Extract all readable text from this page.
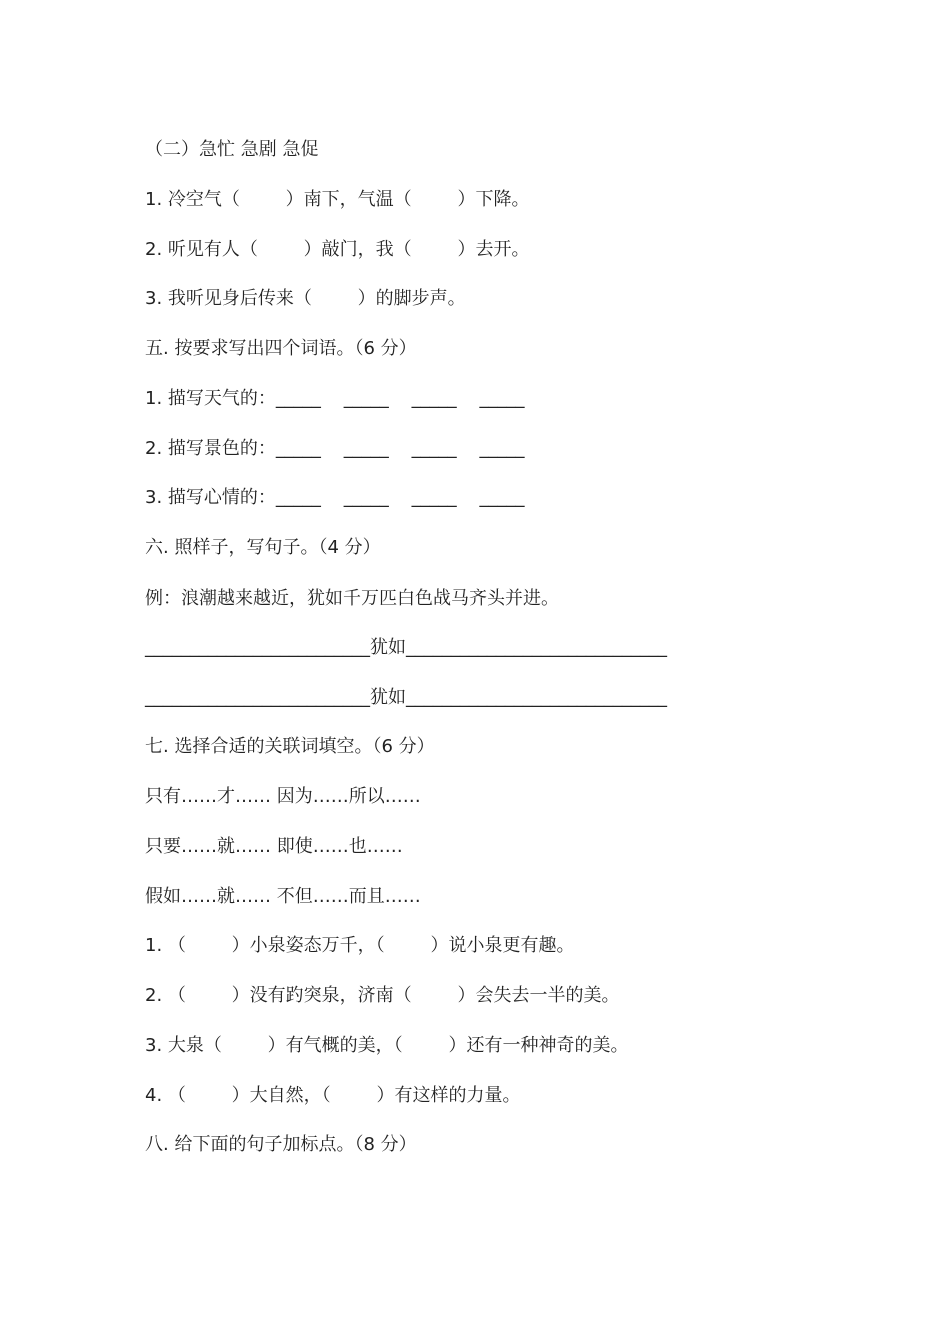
（二）急忙 急剧 急促
1. 冷空气（        ）南下，气温（        ）下降。
2. 听见有人（        ）敲门，我（        ）去开。
3. 我听见身后传来（        ）的脚步声。
五. 按要求写出四个词语。（6 分）
1. 描写天气的：_____    _____    _____    _____
2. 描写景色的：_____    _____    _____    _____
3. 描写心情的：_____    _____    _____    _____
六. 照样子，写句子。（4 分）
例：浪潮越来越近，犹如千万匹白色战马齐头并进。
_________________________犹如_____________________________
_________________________犹如_____________________________
七. 选择合适的关联词填空。（6 分）
只有……才…… 因为……所以……
只要……就…… 即使……也……
假如……就…… 不但……而且……
1. （        ）小泉姿态万千，（        ）说小泉更有趣。
2. （        ）没有趵突泉，济南（        ）会失去一半的美。
3. 大泉（        ）有气概的美，（        ）还有一种神奇的美。
4. （        ）大自然，（        ）有这样的力量。
八. 给下面的句子加标点。（8 分）
